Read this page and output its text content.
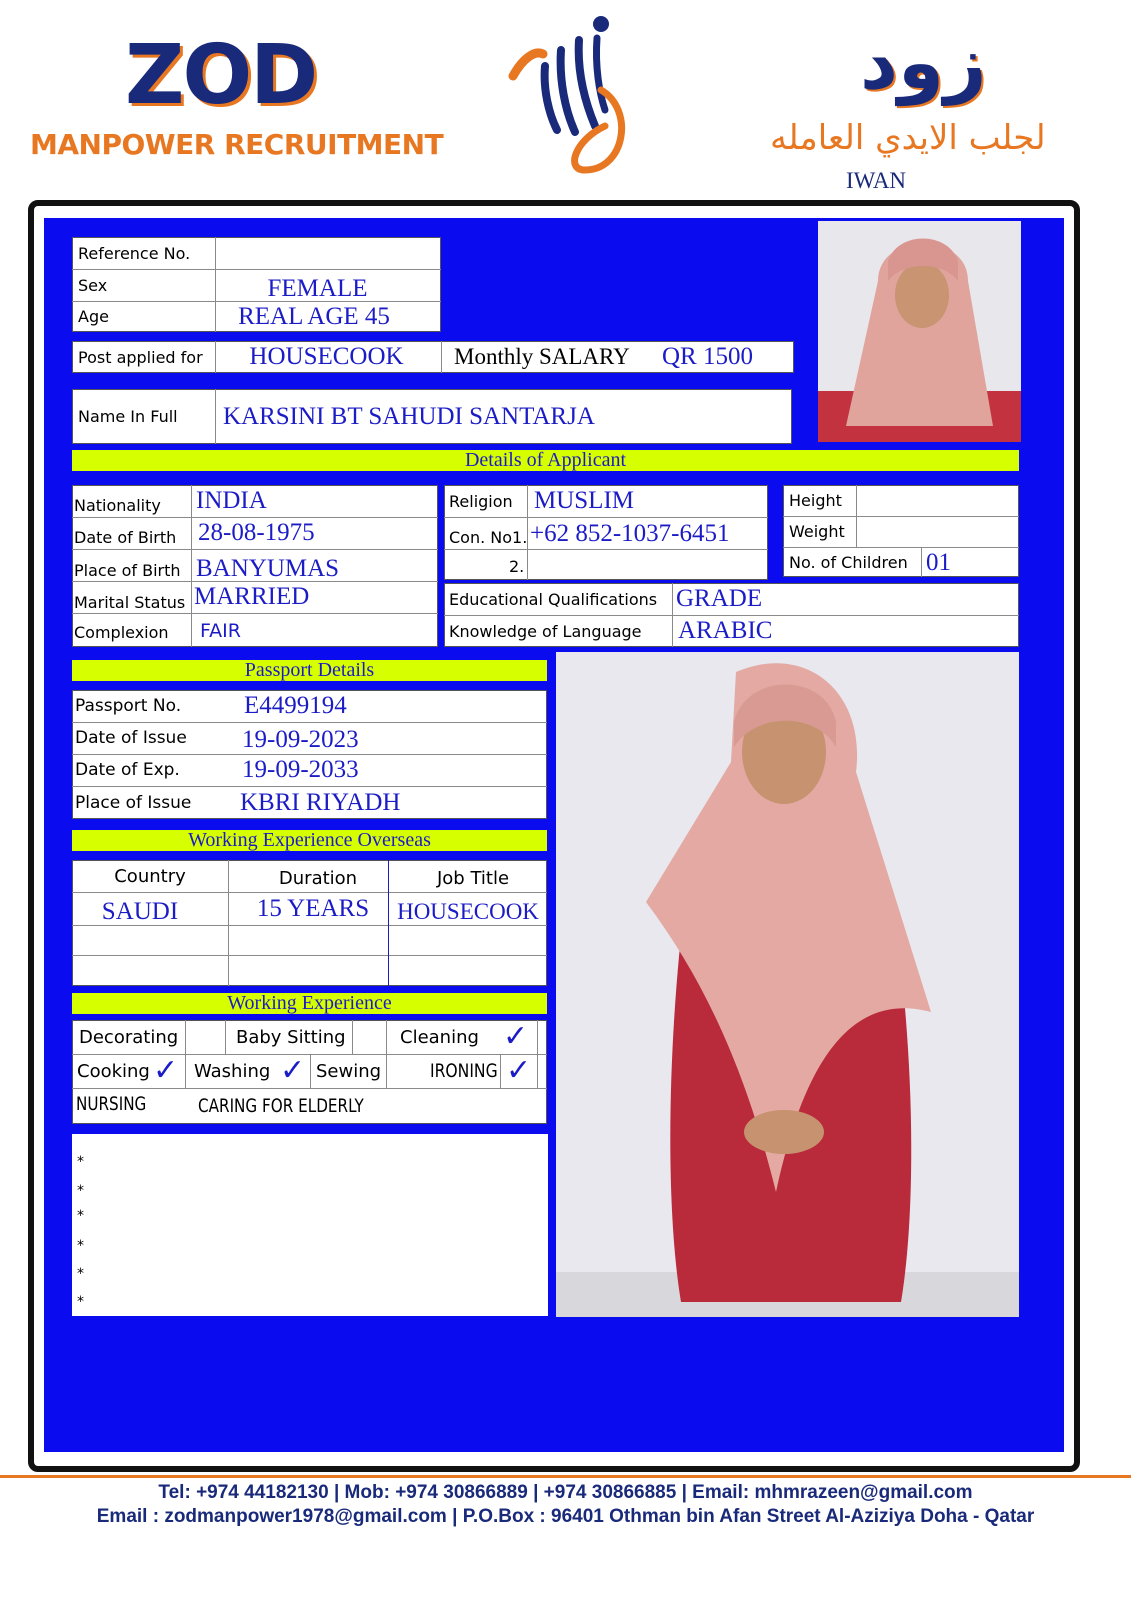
ZOD
MANPOWER RECRUITMENT
زود
لجلب الايدي العامله
IWAN
Reference No.
Sex	FEMALE
Age	REAL AGE 45
Post applied for	HOUSECOOK	Monthly SALARY QR 1500
Name In Full KARSINI BT SAHUDI SANTARJA
Details of Applicant
Nationality INDIA
Date of Birth 28-08-1975
Place of Birth BANYUMAS
Marital Status MARRIED
Complexion FAIR
Religion MUSLIM
Con. No1. +62 852-1037-6451
2.
Height
Weight
No. of Children 01
Educational Qualifications GRADE
Knowledge of Language ARABIC
Passport Details
Passport No.	E4499194
Date of Issue 19-09-2023
Date of Exp. 19-09-2033
Place of Issue KBRI RIYADH
Working Experience Overseas
Country	Duration	Job Title
SAUDI	15 YEARS	HOUSECOOK
Working Experience
Decorating	Baby Sitting	Cleaning ✓
Cooking ✓ Washing ✓ Sewing	IRONING ✓
NURSING	CARING FOR ELDERLY
*
*
*
*
*
*
Tel: +974 44182130 | Mob: +974 30866889 | +974 30866885 | Email: mhmrazeen@gmail.com
Email : zodmanpower1978@gmail.com | P.O.Box : 96401 Othman bin Afan Street Al-Aziziya Doha - Qatar
